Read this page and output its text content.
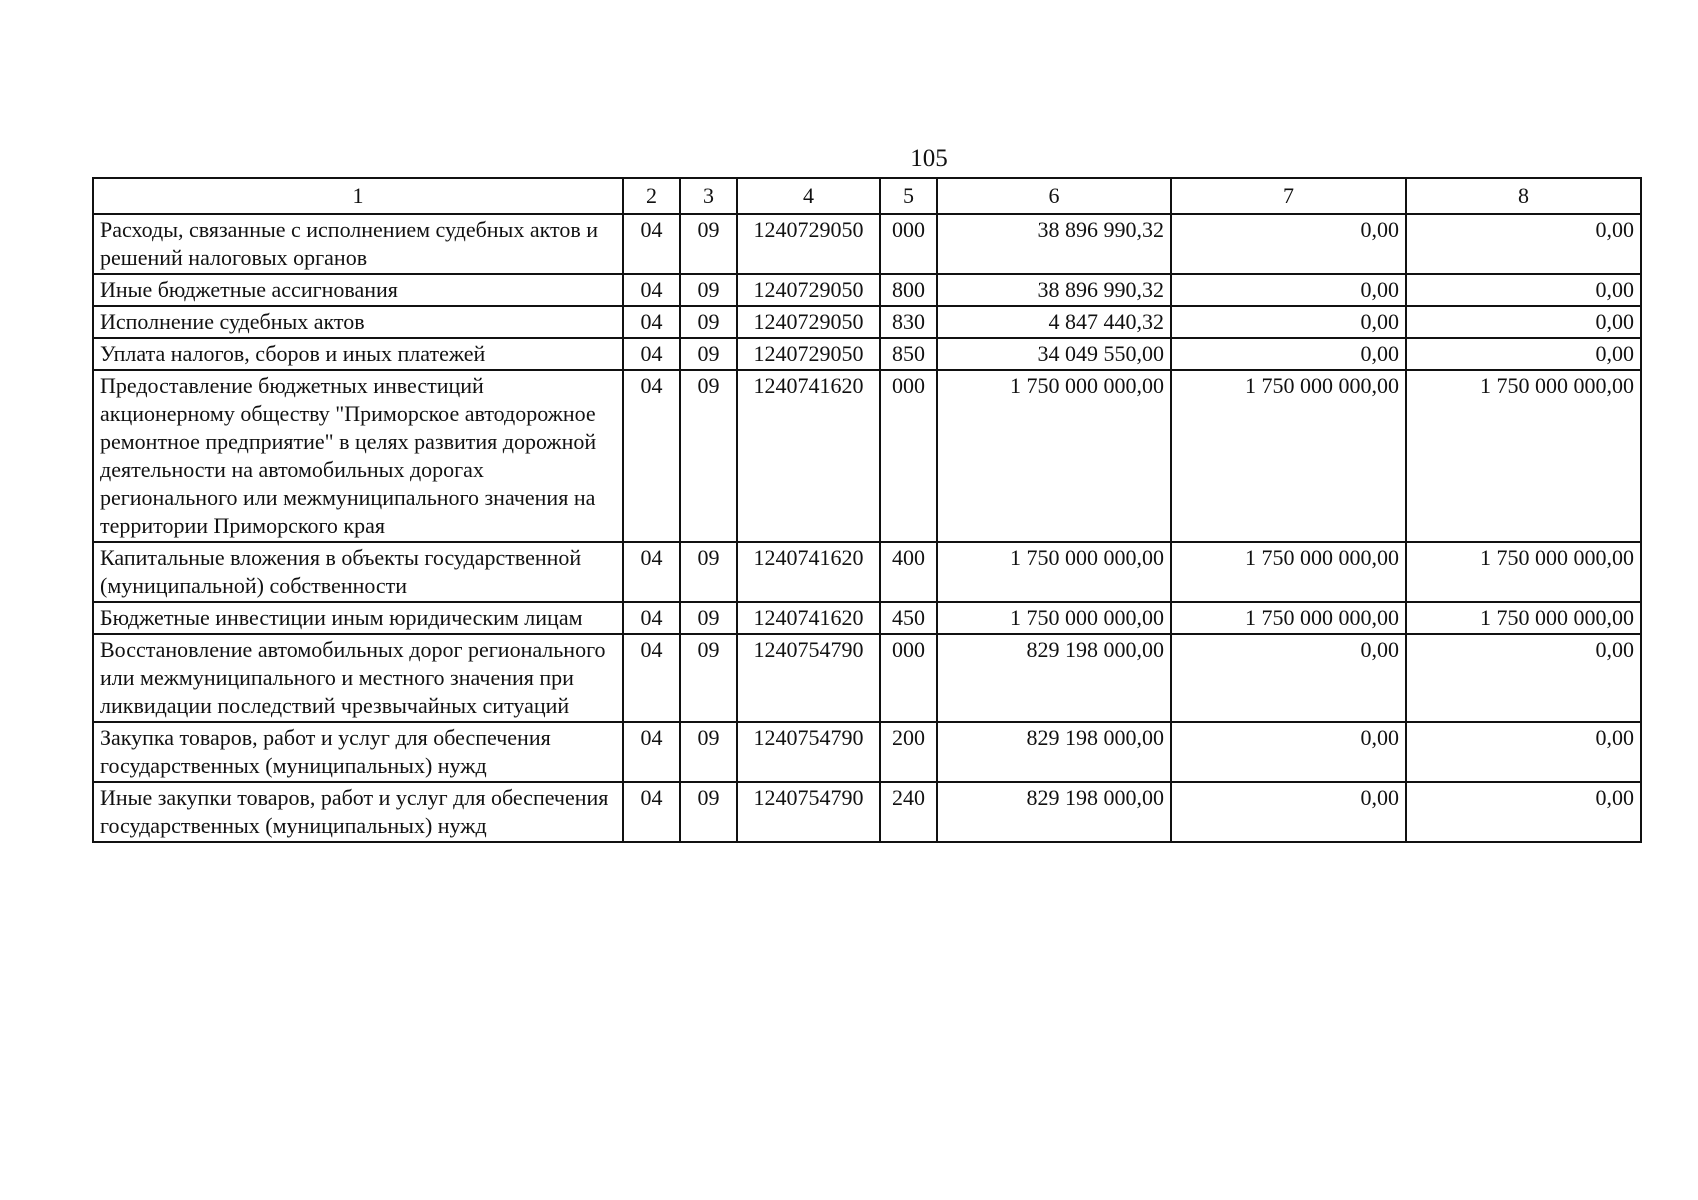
105
1	2	3	4	5	6	7	8
Расходы, связанные с исполнением судебных актов и решений налоговых органов	04	09	1240729050	000	38 896 990,32	0,00	0,00
Иные бюджетные ассигнования	04	09	1240729050	800	38 896 990,32	0,00	0,00
Исполнение судебных актов	04	09	1240729050	830	4 847 440,32	0,00	0,00
Уплата налогов, сборов и иных платежей	04	09	1240729050	850	34 049 550,00	0,00	0,00
Предоставление бюджетных инвестиций акционерному обществу "Приморское автодорожное ремонтное предприятие" в целях развития дорожной деятельности на автомобильных дорогах регионального или межмуниципального значения на территории Приморского края	04	09	1240741620	000	1 750 000 000,00	1 750 000 000,00	1 750 000 000,00
Капитальные вложения в объекты государственной (муниципальной) собственности	04	09	1240741620	400	1 750 000 000,00	1 750 000 000,00	1 750 000 000,00
Бюджетные инвестиции иным юридическим лицам	04	09	1240741620	450	1 750 000 000,00	1 750 000 000,00	1 750 000 000,00
Восстановление автомобильных дорог регионального или межмуниципального и местного значения при ликвидации последствий чрезвычайных ситуаций	04	09	1240754790	000	829 198 000,00	0,00	0,00
Закупка товаров, работ и услуг для обеспечения государственных (муниципальных) нужд	04	09	1240754790	200	829 198 000,00	0,00	0,00
Иные закупки товаров, работ и услуг для обеспечения государственных (муниципальных) нужд	04	09	1240754790	240	829 198 000,00	0,00	0,00
